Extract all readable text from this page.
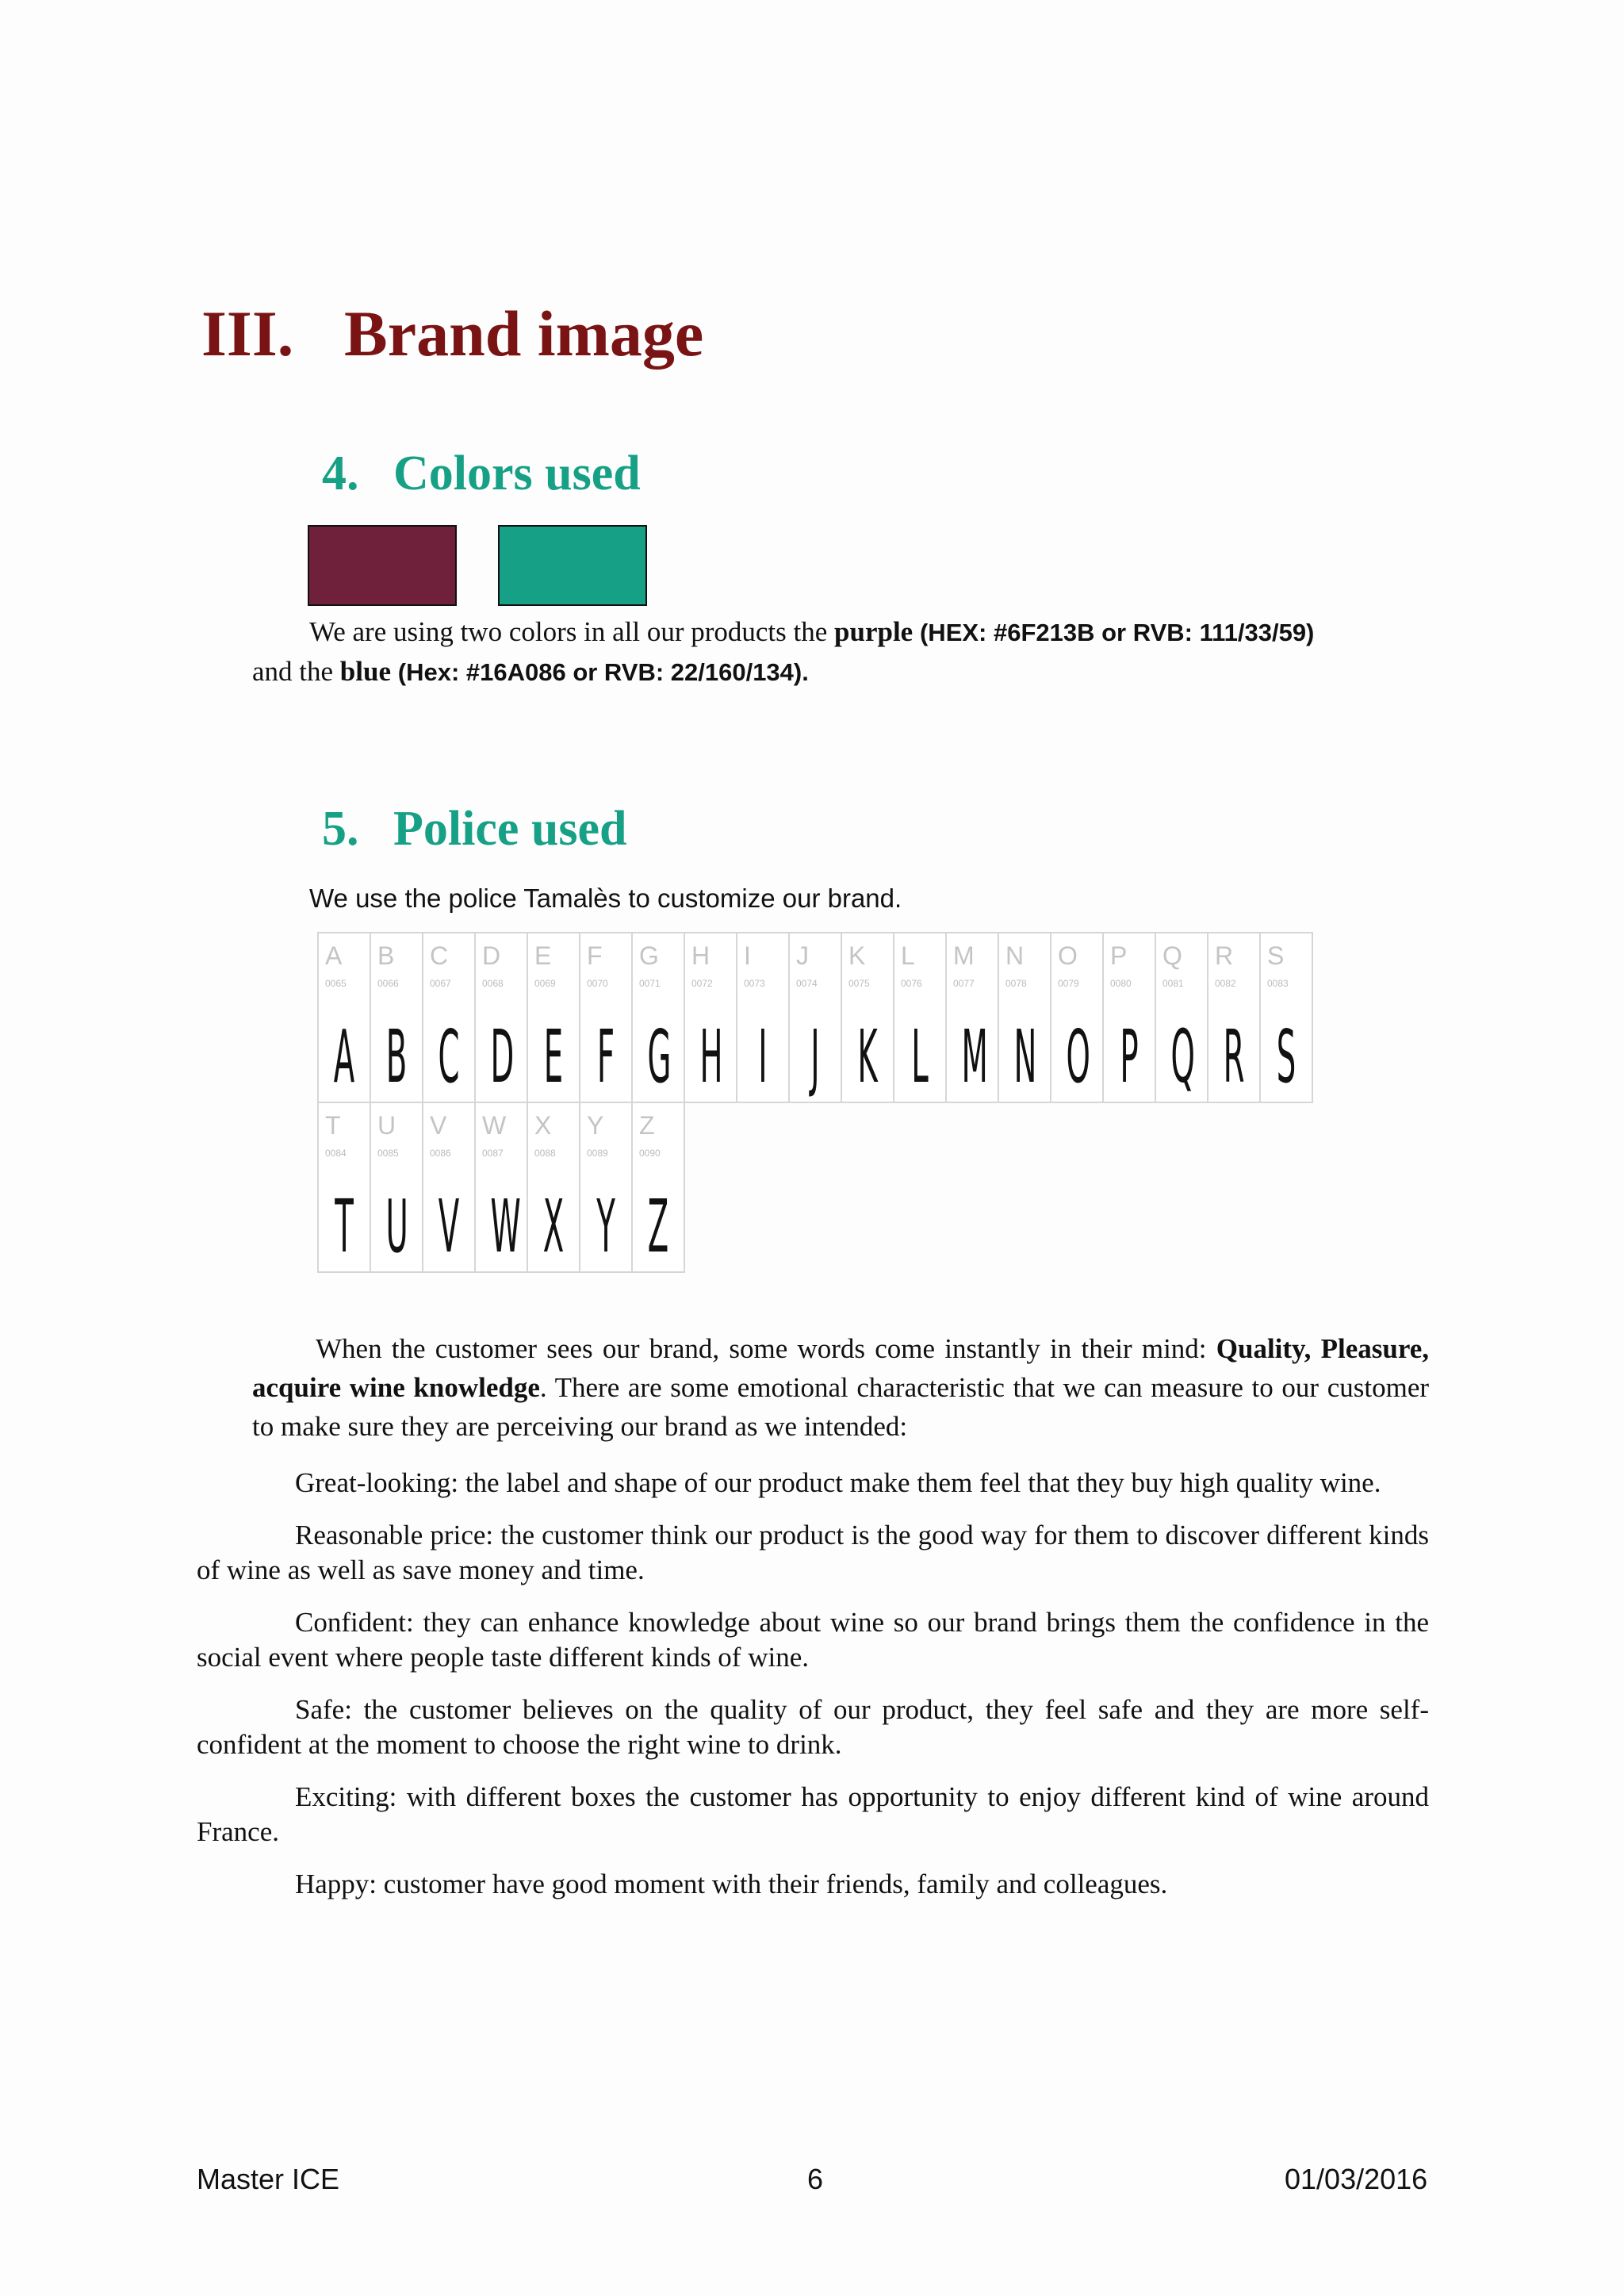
III. Brand image
4. Colors used
We are using two colors in all our products the purple (HEX: #6F213B or RVB: 111/33/59)
and the blue (Hex: #16A086 or RVB: 22/160/134).
5. Police used
We use the police Tamalès to customize our brand.
A
0065
A
B
0066
B
C
0067
C
D
0068
D
E
0069
E
F
0070
F
G
0071
G
H
0072
H
I
0073
I
J
0074
J
K
0075
K
L
0076
L
M
0077
M
N
0078
N
O
0079
O
P
0080
P
Q
0081
Q
R
0082
R
S
0083
S
T
0084
T
U
0085
U
V
0086
V
W
0087
W
X
0088
X
Y
0089
Y
Z
0090
Z
When the customer sees our brand, some words come instantly in their mind: Quality, Pleasure, acquire wine knowledge. There are some emotional characteristic that we can measure to our customer to make sure they are perceiving our brand as we intended:

Great-looking: the label and shape of our product make them feel that they buy high quality wine.

Reasonable price: the customer think our product is the good way for them to discover different kinds of wine as well as save money and time.

Confident: they can enhance knowledge about wine so our brand brings them the confidence in the social event where people taste different kinds of wine.

Safe: the customer believes on the quality of our product, they feel safe and they are more self-confident at the moment to choose the right wine to drink.

Exciting: with different boxes the customer has opportunity to enjoy different kind of wine around France.

Happy: customer have good moment with their friends, family and colleagues.

Master ICE	6	01/03/2016
